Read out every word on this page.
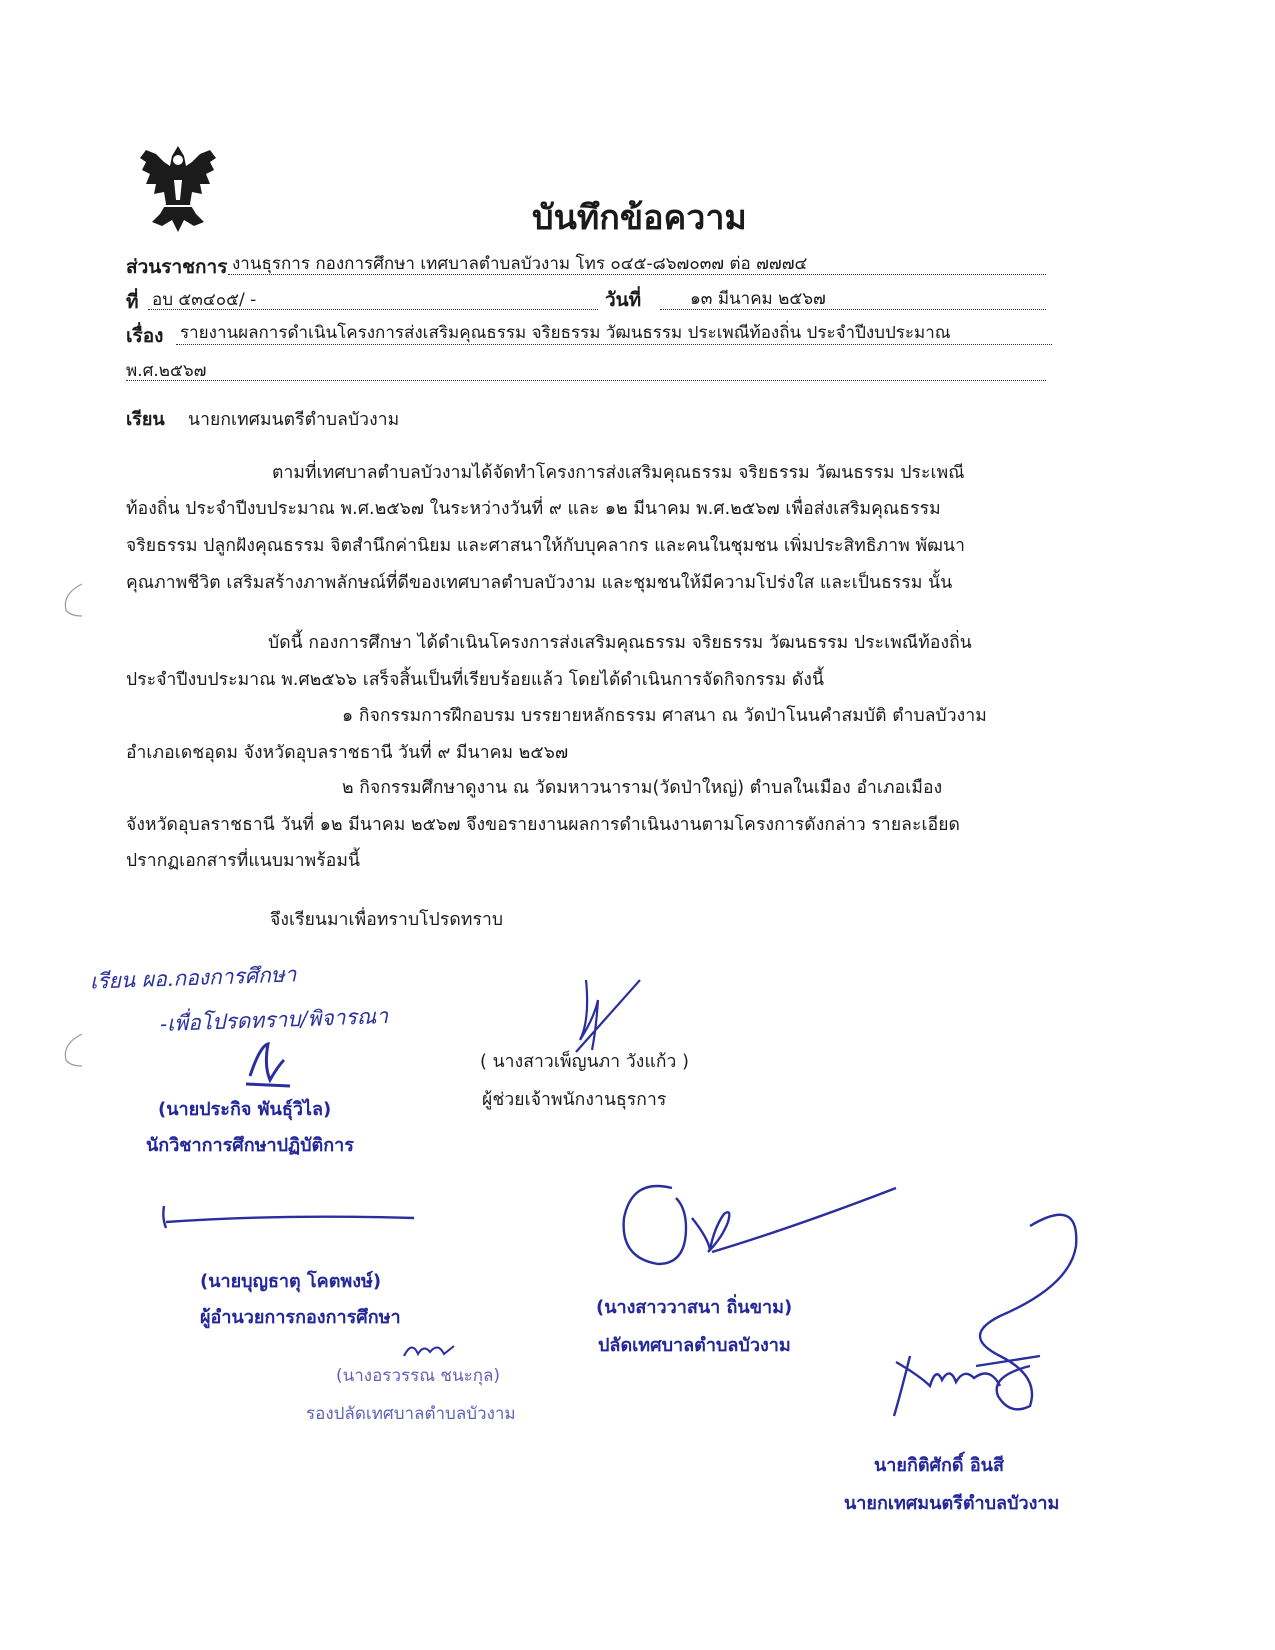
บันทึกข้อความ
ส่วนราชการ งานธุรการ กองการศึกษา เทศบาลตำบลบัวงาม โทร ๐๔๕-๘๖๗๐๓๗ ต่อ ๗๗๗๔
ที่ อบ ๕๓๔๐๕/ -	วันที่	๑๓ มีนาคม ๒๕๖๗
เรื่อง รายงานผลการดำเนินโครงการส่งเสริมคุณธรรม จริยธรรม วัฒนธรรม ประเพณีท้องถิ่น ประจำปีงบประมาณ
พ.ศ.๒๕๖๗
เรียน นายกเทศมนตรีตำบลบัวงาม
ตามที่เทศบาลตำบลบัวงามได้จัดทำโครงการส่งเสริมคุณธรรม จริยธรรม วัฒนธรรม ประเพณี
ท้องถิ่น ประจำปีงบประมาณ พ.ศ.๒๕๖๗ ในระหว่างวันที่ ๙ และ ๑๒ มีนาคม พ.ศ.๒๕๖๗ เพื่อส่งเสริมคุณธรรม
จริยธรรม ปลูกฝังคุณธรรม จิตสำนึกค่านิยม และศาสนาให้กับบุคลากร และคนในชุมชน เพิ่มประสิทธิภาพ พัฒนา
คุณภาพชีวิต เสริมสร้างภาพลักษณ์ที่ดีของเทศบาลตำบลบัวงาม และชุมชนให้มีความโปร่งใส และเป็นธรรม นั้น
บัดนี้ กองการศึกษา ได้ดำเนินโครงการส่งเสริมคุณธรรม จริยธรรม วัฒนธรรม ประเพณีท้องถิ่น
ประจำปีงบประมาณ พ.ศ๒๕๖๖ เสร็จสิ้นเป็นที่เรียบร้อยแล้ว โดยได้ดำเนินการจัดกิจกรรม ดังนี้
๑ กิจกรรมการฝึกอบรม บรรยายหลักธรรม ศาสนา ณ วัดป่าโนนคำสมบัติ ตำบลบัวงาม
อำเภอเดชอุดม จังหวัดอุบลราชธานี วันที่ ๙ มีนาคม ๒๕๖๗
๒ กิจกรรมศึกษาดูงาน ณ วัดมหาวนาราม(วัดป่าใหญ่) ตำบลในเมือง อำเภอเมือง
จังหวัดอุบลราชธานี วันที่ ๑๒ มีนาคม ๒๕๖๗ จึงขอรายงานผลการดำเนินงานตามโครงการดังกล่าว รายละเอียด
ปรากฏเอกสารที่แนบมาพร้อมนี้
จึงเรียนมาเพื่อทราบโปรดทราบ
เรียน ผอ.กองการศึกษา
-เพื่อโปรดทราบ/พิจารณา
(นายประกิจ พันธุ์วิไล)
นักวิชาการศึกษาปฏิบัติการ
( นางสาวเพ็ญนภา วังแก้ว )
ผู้ช่วยเจ้าพนักงานธุรการ
(นายบุญธาตุ โคตพงษ์)
ผู้อำนวยการกองการศึกษา
(นางอรวรรณ ชนะกุล)
รองปลัดเทศบาลตำบลบัวงาม
(นางสาววาสนา ถิ่นขาม)
ปลัดเทศบาลตำบลบัวงาม
นายกิติศักดิ์ อินสี
นายกเทศมนตรีตำบลบัวงาม
